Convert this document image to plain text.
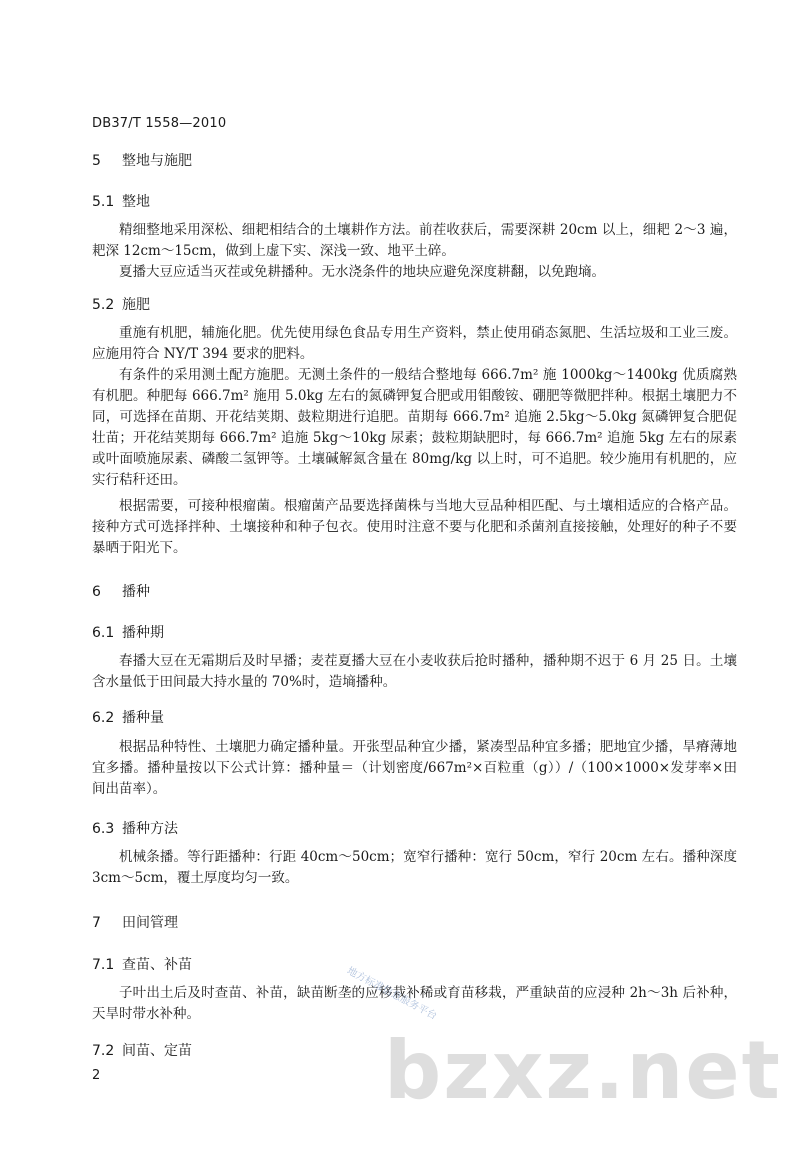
DB37/T 1558—2010
5 整地与施肥
5.1 整地

精细整地采用深松、细耙相结合的土壤耕作方法。前茬收获后，需要深耕 20cm 以上，细耙 2～3 遍，耙深 12cm～15cm，做到上虚下实、深浅一致、地平土碎。

夏播大豆应适当灭茬或免耕播种。无水浇条件的地块应避免深度耕翻，以免跑墒。

5.2 施肥

重施有机肥，辅施化肥。优先使用绿色食品专用生产资料，禁止使用硝态氮肥、生活垃圾和工业三废。应施用符合 NY/T 394 要求的肥料。

有条件的采用测土配方施肥。无测土条件的一般结合整地每 666.7m² 施 1000kg～1400kg 优质腐熟有机肥。种肥每 666.7m² 施用 5.0kg 左右的氮磷钾复合肥或用钼酸铵、硼肥等微肥拌种。根据土壤肥力不同，可选择在苗期、开花结荚期、鼓粒期进行追肥。苗期每 666.7m² 追施 2.5kg～5.0kg 氮磷钾复合肥促壮苗；开花结荚期每 666.7m² 追施 5kg～10kg 尿素；鼓粒期缺肥时，每 666.7m² 追施 5kg 左右的尿素或叶面喷施尿素、磷酸二氢钾等。土壤碱解氮含量在 80mg/kg 以上时，可不追肥。较少施用有机肥的，应实行秸秆还田。

根据需要，可接种根瘤菌。根瘤菌产品要选择菌株与当地大豆品种相匹配、与土壤相适应的合格产品。接种方式可选择拌种、土壤接种和种子包衣。使用时注意不要与化肥和杀菌剂直接接触，处理好的种子不要暴晒于阳光下。

6 播种
6.1 播种期

春播大豆在无霜期后及时早播；麦茬夏播大豆在小麦收获后抢时播种，播种期不迟于 6 月 25 日。土壤含水量低于田间最大持水量的 70%时，造墒播种。

6.2 播种量

根据品种特性、土壤肥力确定播种量。开张型品种宜少播，紧凑型品种宜多播；肥地宜少播，旱瘠薄地宜多播。播种量按以下公式计算：播种量＝（计划密度/667m²×百粒重（g））/（100×1000×发芽率×田间出苗率）。

6.3 播种方法

机械条播。等行距播种：行距 40cm～50cm；宽窄行播种：宽行 50cm，窄行 20cm 左右。播种深度 3cm～5cm，覆土厚度均匀一致。

7 田间管理
7.1 查苗、补苗

子叶出土后及时查苗、补苗，缺苗断垄的应移栽补稀或育苗移栽，严重缺苗的应浸种 2h～3h 后补种，天旱时带水补种。

7.2 间苗、定苗
地方标准信息服务平台
bzxz.net
2
